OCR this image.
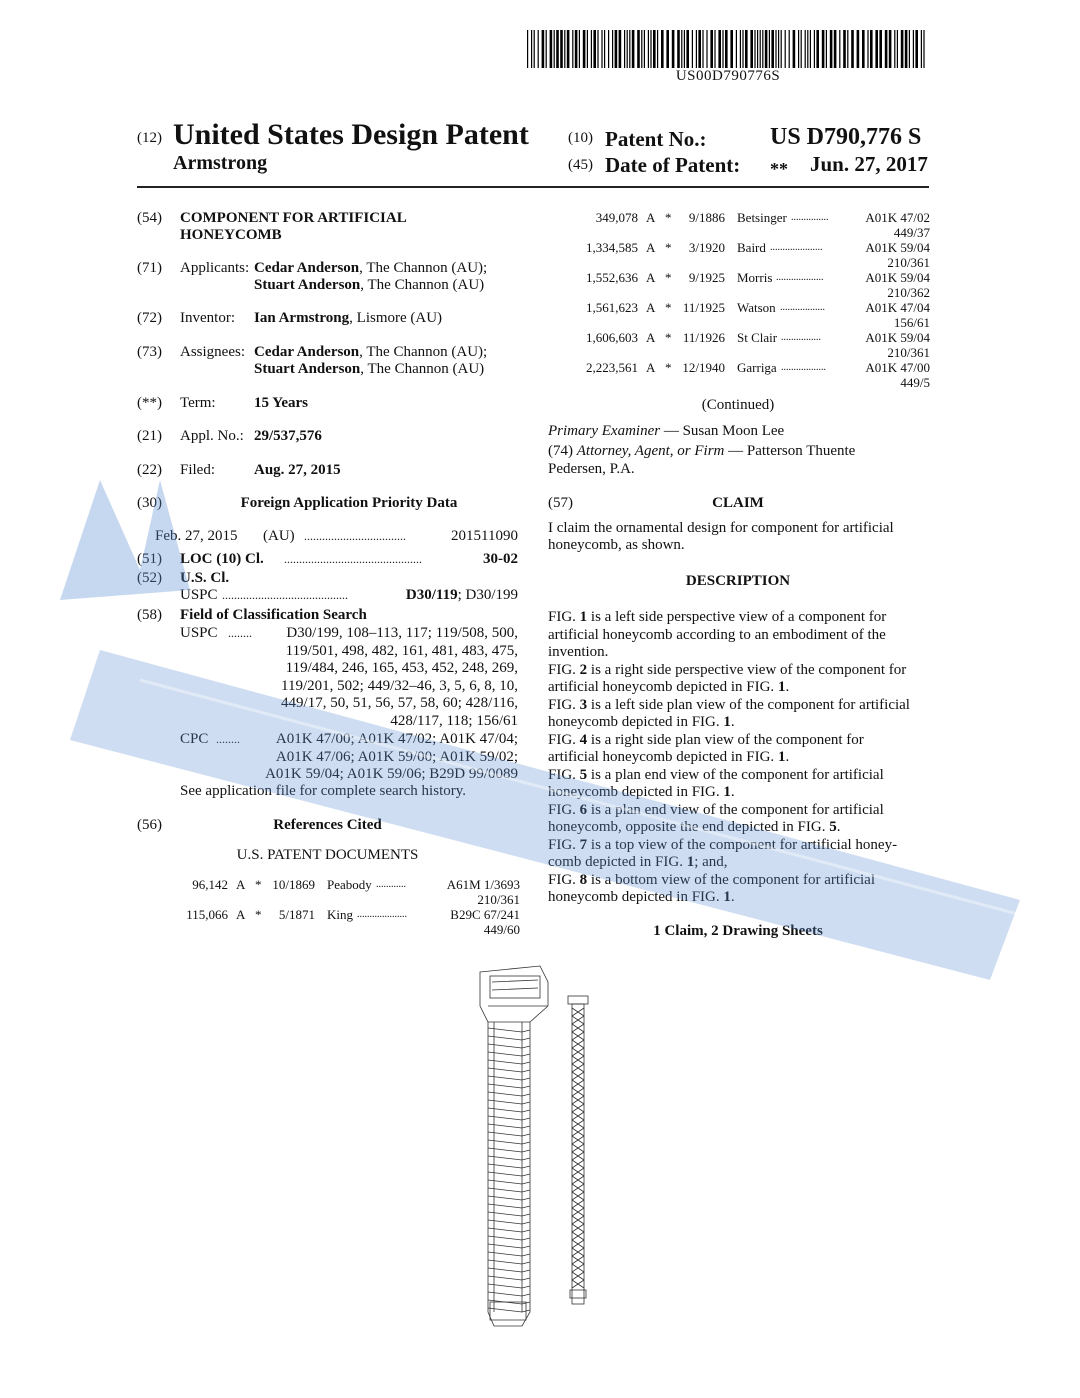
US00D790776S
(12) United States Design Patent
Armstrong
(10) Patent No.:	US D790,776 S
(45) Date of Patent: ** Jun. 27, 2017
(54) COMPONENT FOR ARTIFICIAL
HONEYCOMB
(71) Applicants: Cedar Anderson, The Channon (AU);
Stuart Anderson, The Channon (AU)
(72) Inventor: Ian Armstrong, Lismore (AU)
(73) Assignees: Cedar Anderson, The Channon (AU);
Stuart Anderson, The Channon (AU)
(**) Term:	15 Years
(21) Appl. No.: 29/537,576
(22) Filed:	Aug. 27, 2015
(30)	Foreign Application Priority Data
Feb. 27, 2015 (AU) ..................................	201511090
(51) LOC (10) Cl. ..............................................	30-02
(52) U.S. Cl.
USPC ..........................................	D30/119; D30/199
(58) Field of Classification Search
USPC ........	D30/199, 108–113, 117; 119/508, 500,
119/501, 498, 482, 161, 481, 483, 475,
119/484, 246, 165, 453, 452, 248, 269,
119/201, 502; 449/32–46, 3, 5, 6, 8, 10,
449/17, 50, 51, 56, 57, 58, 60; 428/116,
428/117, 118; 156/61
CPC ........	A01K 47/00; A01K 47/02; A01K 47/04;
A01K 47/06; A01K 59/00; A01K 59/02;
A01K 59/04; A01K 59/06; B29D 99/0089
See application file for complete search history.
(56)	References Cited
U.S. PATENT DOCUMENTS
96,142 A * 10/1869 Peabody ............	A61M 1/3693
210/361
115,066 A *	5/1871 King ....................	B29C 67/241
449/60
349,078 A *	9/1886 Betsinger ...............	A01K 47/02
449/37
1,334,585 A *	3/1920 Baird .....................	A01K 59/04
210/361
1,552,636 A *	9/1925 Morris ...................	A01K 59/04
210/362
1,561,623 A * 11/1925 Watson ..................	A01K 47/04
156/61
1,606,603 A * 11/1926 St Clair ................	A01K 59/04
210/361
2,223,561 A * 12/1940 Garriga ..................	A01K 47/00
449/5
(Continued)
Primary Examiner — Susan Moon Lee
(74) Attorney, Agent, or Firm — Patterson Thuente
Pedersen, P.A.
(57)	CLAIM
I claim the ornamental design for component for artificial
honeycomb, as shown.
DESCRIPTION
FIG. 1 is a left side perspective view of a component for
artificial honeycomb according to an embodiment of the
invention.
FIG. 2 is a right side perspective view of the component for
artificial honeycomb depicted in FIG. 1.
FIG. 3 is a left side plan view of the component for artificial
honeycomb depicted in FIG. 1.
FIG. 4 is a right side plan view of the component for
artificial honeycomb depicted in FIG. 1.
FIG. 5 is a plan end view of the component for artificial
honeycomb depicted in FIG. 1.
FIG. 6 is a plan end view of the component for artificial
honeycomb, opposite the end depicted in FIG. 5.
FIG. 7 is a top view of the component for artificial honey-
comb depicted in FIG. 1; and,
FIG. 8 is a bottom view of the component for artificial
honeycomb depicted in FIG. 1.
1 Claim, 2 Drawing Sheets
